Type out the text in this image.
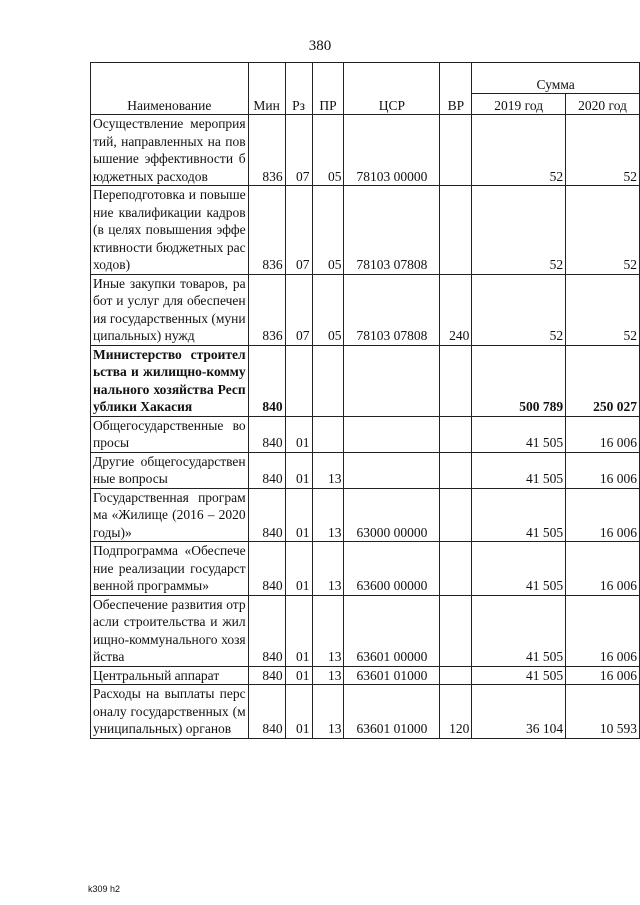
380
Наименование	Мин	Рз	ПР	ЦСР	ВР	Сумма	
						2019 год	2020 год
Осуществление мероприятий, направленных на повышение эффективности бюджетных расходов	836	07	05	78103 00000		52	52
Переподготовка и повышение квалификации кадров (в целях повышения эффективности бюджетных расходов)	836	07	05	78103 07808		52	52
Иные закупки товаров, работ и услуг для обеспечения государственных (муниципальных) нужд	836	07	05	78103 07808	240	52	52
Министерство строительства и жилищно-коммунального хозяйства Республики Хакасия	840					500 789	250 027
Общегосударственные вопросы	840	01				41 505	16 006
Другие общегосударственные вопросы	840	01	13			41 505	16 006
Государственная программа «Жилище (2016 – 2020 годы)»	840	01	13	63000 00000		41 505	16 006
Подпрограмма «Обеспечение реализации государственной программы»	840	01	13	63600 00000		41 505	16 006
Обеспечение развития отрасли строительства и жилищно-коммунального хозяйства	840	01	13	63601 00000		41 505	16 006
Центральный аппарат	840	01	13	63601 01000		41 505	16 006
Расходы на выплаты персоналу государственных (муниципальных) органов	840	01	13	63601 01000	120	36 104	10 593
k309 h2
